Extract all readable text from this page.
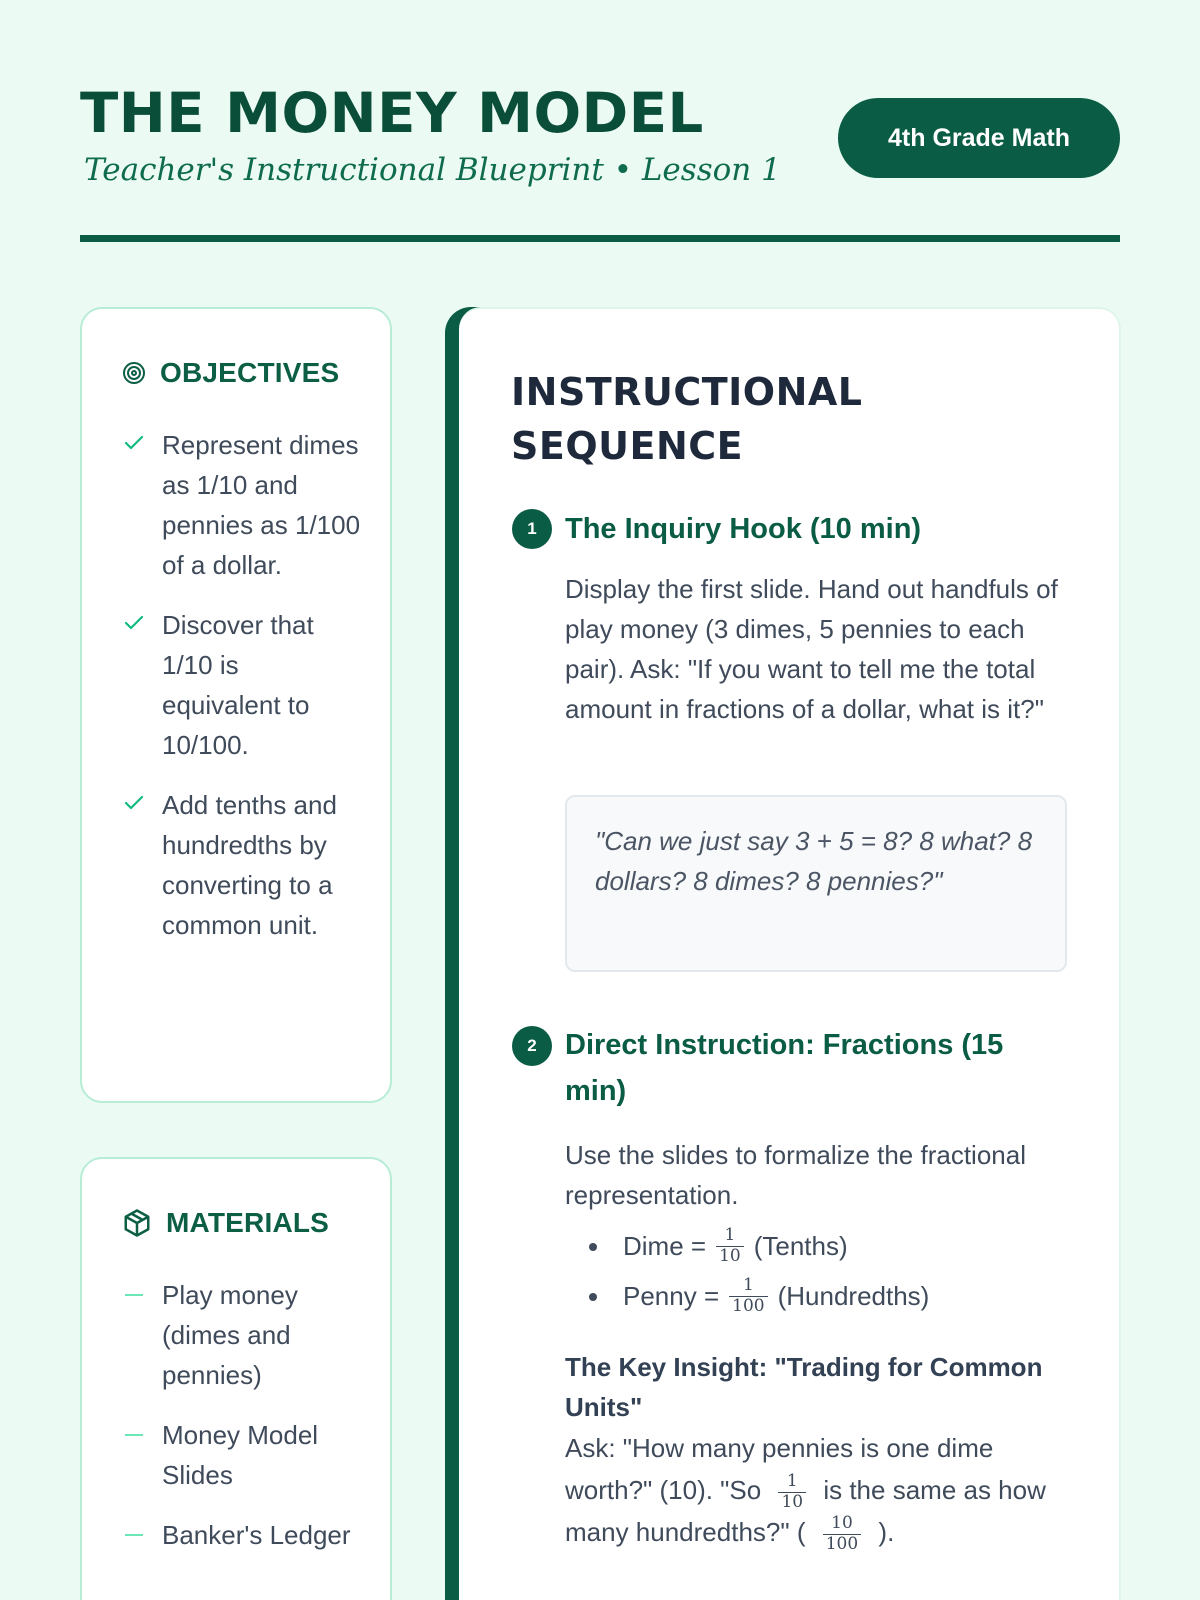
THE MONEY MODEL
Teacher's Instructional Blueprint • Lesson 1
4th Grade Math
OBJECTIVES
Represent dimes as 1/10 and pennies as 1/100 of a dollar.
Discover that 1/10 is equivalent to 10/100.
Add tenths and hundredths by converting to a common unit.
MATERIALS
Play money (dimes and pennies)
Money Model Slides
Banker's Ledger
INSTRUCTIONAL SEQUENCE
1 The Inquiry Hook (10 min)

Display the first slide. Hand out handfuls of play money (3 dimes, 5 pennies to each pair). Ask: "If you want to tell me the total amount in fractions of a dollar, what is it?"

"Can we just say 3 + 5 = 8? 8 what? 8 dollars? 8 dimes? 8 pennies?"
2 Direct Instruction: Fractions (15 min)

Use the slides to formalize the fractional representation.

Dime = $\frac{1}{10}$ (Tenths)
Penny = $\frac{1}{100}$ (Hundredths)
The Key Insight: "Trading for Common Units"

Ask: "How many pennies is one dime worth?" (10). "$So \frac{1}{10}$ is the same as how many hundredths?" ( $\frac{10}{100}$ ).
